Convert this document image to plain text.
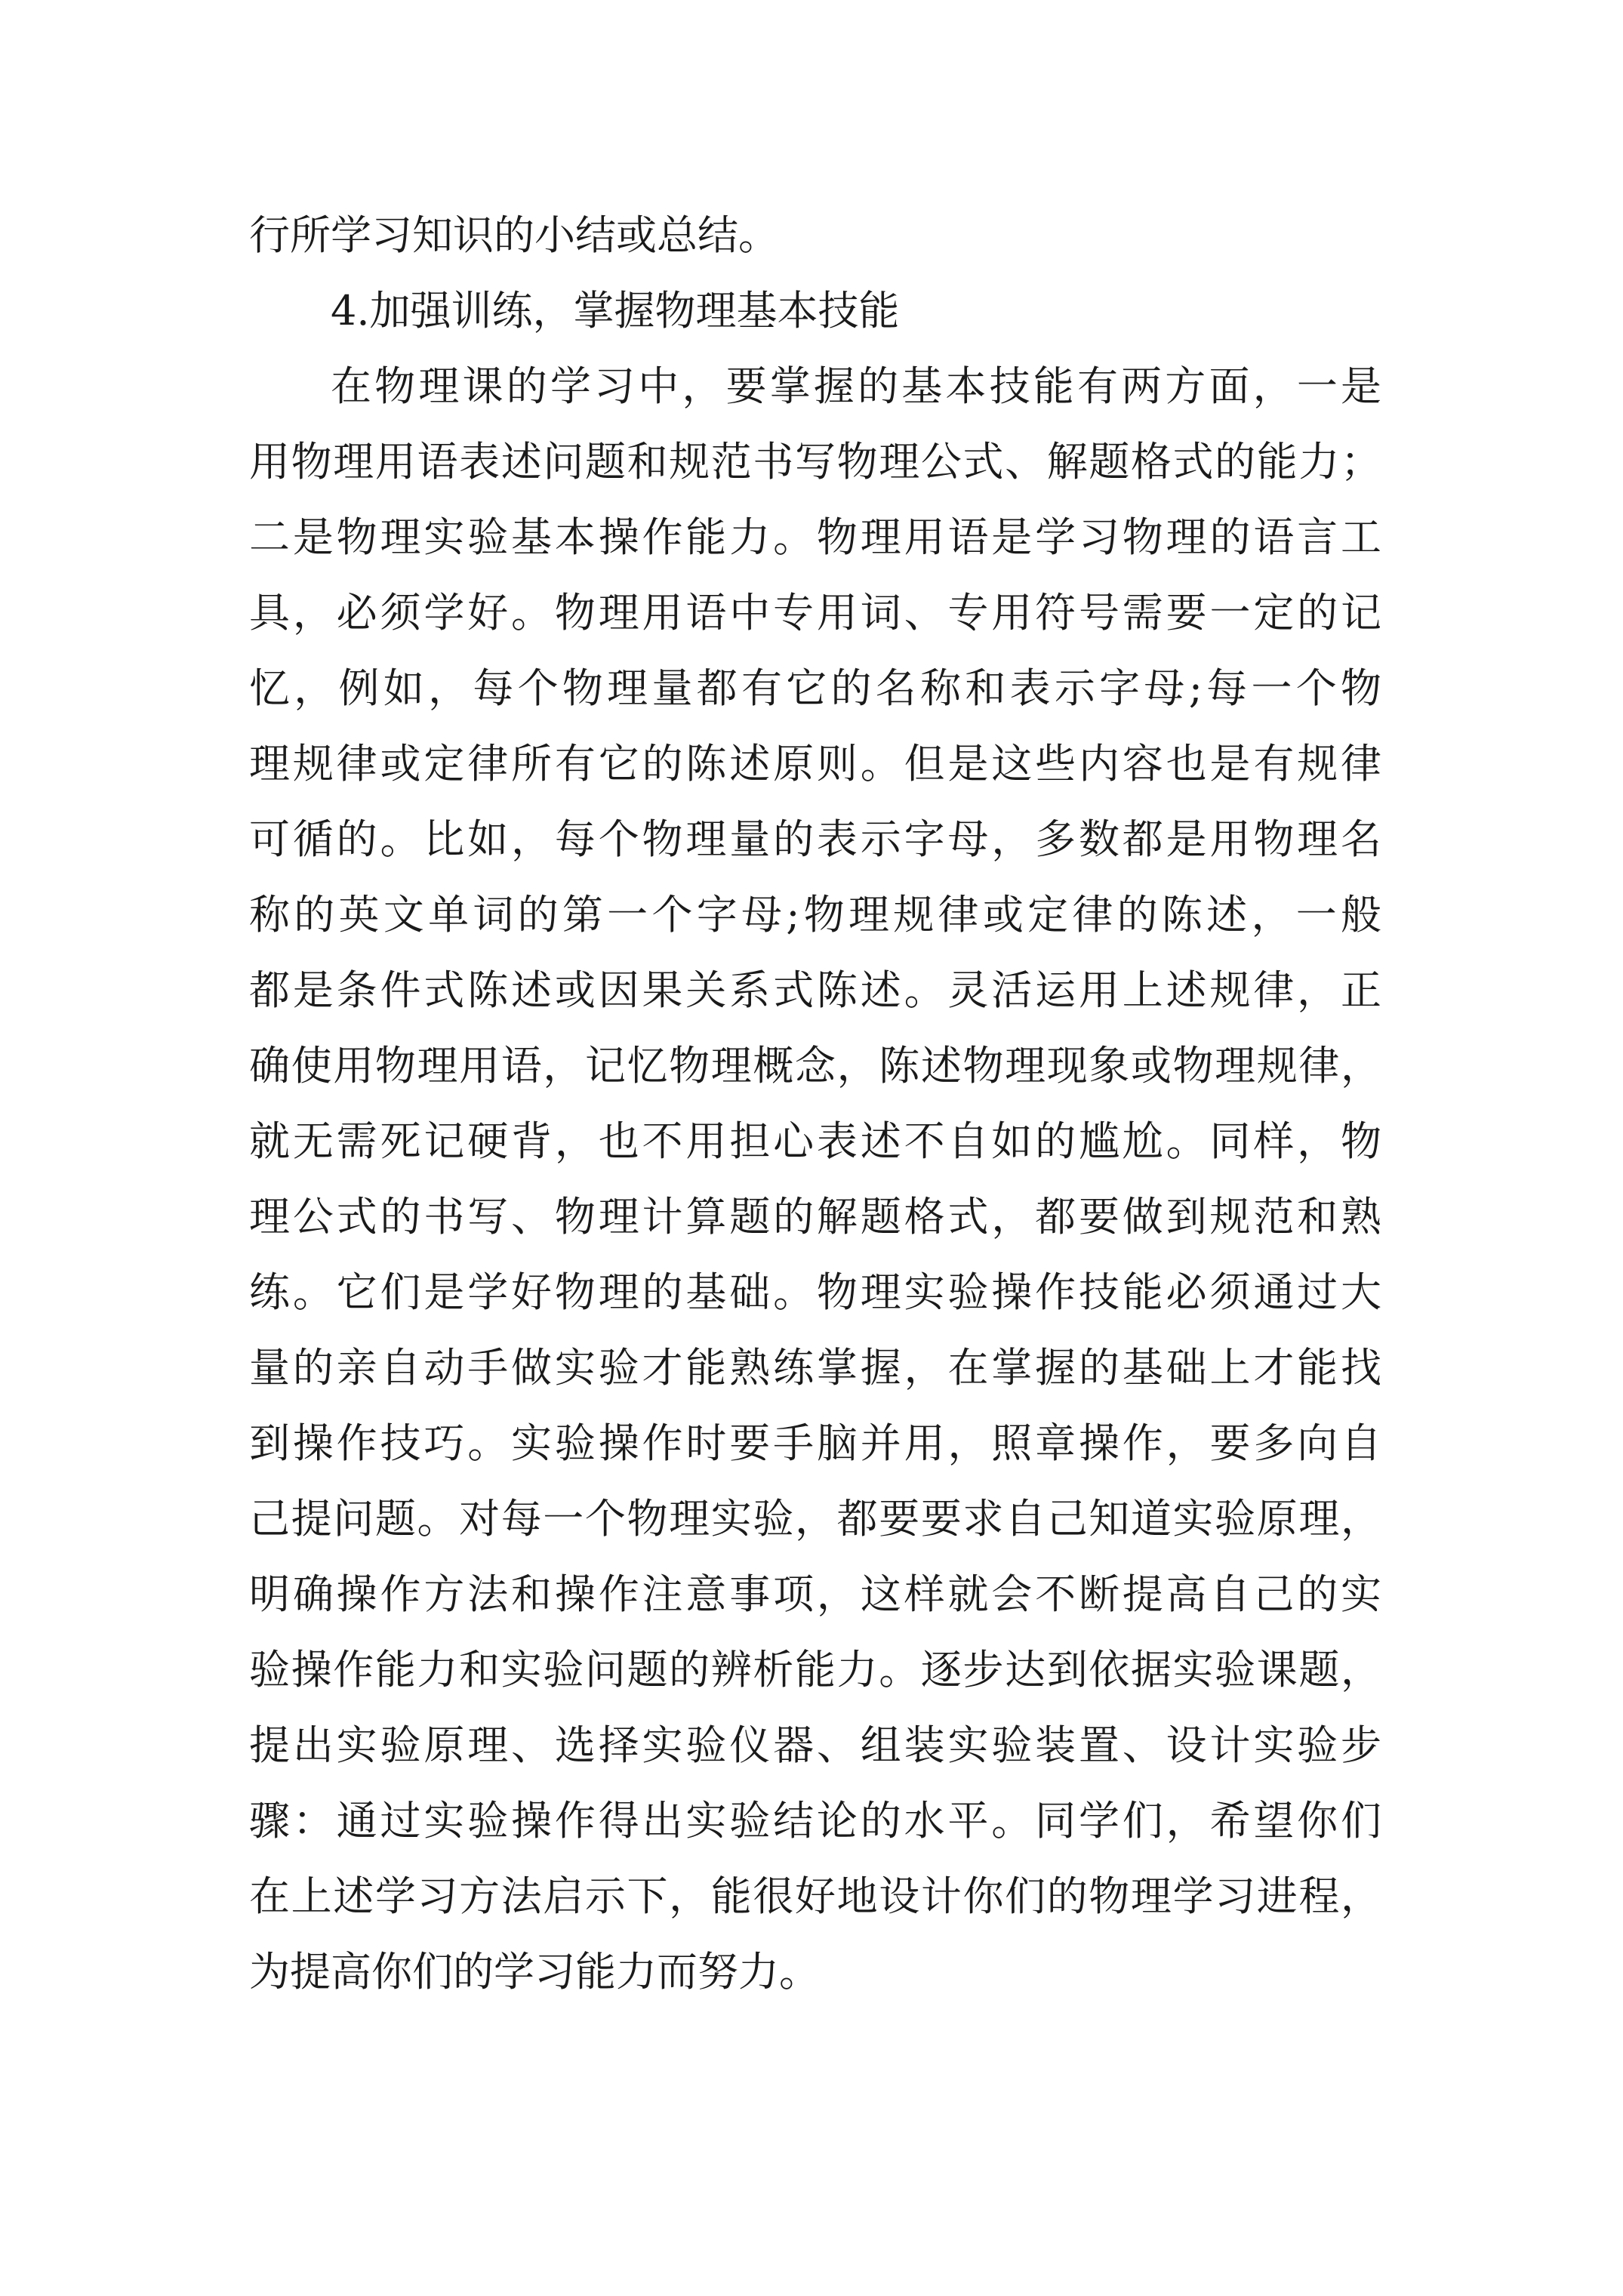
行所学习知识的小结或总结。
4.加强训练，掌握物理基本技能
在物理课的学习中，要掌握的基本技能有两方面，一是
用物理用语表述问题和规范书写物理公式、解题格式的能力；
二是物理实验基本操作能力。物理用语是学习物理的语言工
具，必须学好。物理用语中专用词、专用符号需要一定的记
忆，例如，每个物理量都有它的名称和表示字母;每一个物
理规律或定律所有它的陈述原则。但是这些内容也是有规律
可循的。比如，每个物理量的表示字母，多数都是用物理名
称的英文单词的第一个字母;物理规律或定律的陈述，一般
都是条件式陈述或因果关系式陈述。灵活运用上述规律，正
确使用物理用语，记忆物理概念，陈述物理现象或物理规律，
就无需死记硬背，也不用担心表述不自如的尴尬。同样，物
理公式的书写、物理计算题的解题格式，都要做到规范和熟
练。它们是学好物理的基础。物理实验操作技能必须通过大
量的亲自动手做实验才能熟练掌握，在掌握的基础上才能找
到操作技巧。实验操作时要手脑并用，照章操作，要多向自
己提问题。对每一个物理实验，都要要求自己知道实验原理，
明确操作方法和操作注意事项，这样就会不断提高自己的实
验操作能力和实验问题的辨析能力。逐步达到依据实验课题，
提出实验原理、选择实验仪器、组装实验装置、设计实验步
骤：通过实验操作得出实验结论的水平。同学们，希望你们
在上述学习方法启示下，能很好地设计你们的物理学习进程，
为提高你们的学习能力而努力。
